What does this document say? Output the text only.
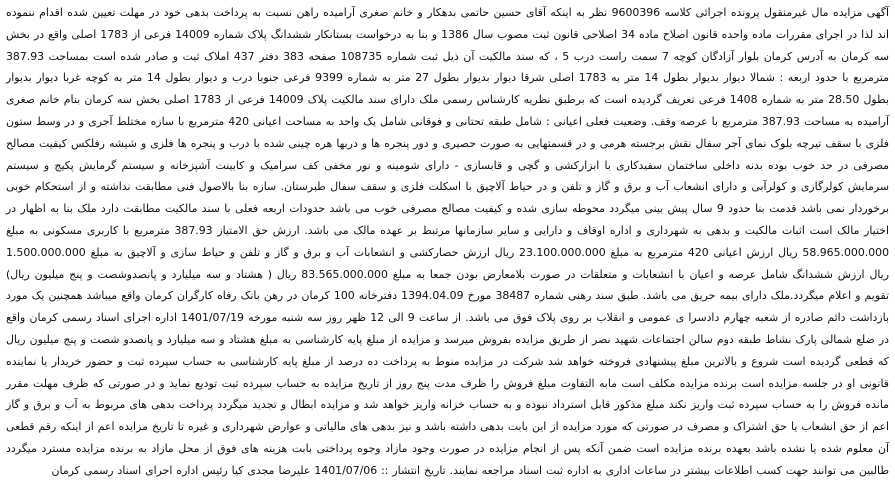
آگهی مزایده مال غیرمنقول پرونده اجرائی کلاسه 9600396 نظر به اینکه آقای حسین حاتمی بدهکار و خانم صغری آرامیده راهن نسبت به پرداخت بدهی خود در مهلت تعیین شده اقدام ننموده اند لذا در اجرای مقررات ماده واحده قانون اصلاح ماده 34 اصلاحی قانون ثبت مصوب سال 1386 و بنا به درخواست بستانکار ششدانگ پلاک شماره 14009 فرعی از 1783 اصلی واقع در بخش سه کرمان به آدرس کرمان بلوار آزادگان کوچه 7 سمت راست درب 5 ، که سند مالکیت آن ذیل ثبت شماره 108735 صفحه 383 دفتر 437 املاک ثبت و صادر شده است بمساحت 387.93 مترمربع با حدود اربعه : شمالا دیوار بدیوار بطول 14 متر به 1783 اصلی شرقا دیوار بدیوار بطول 27 متر به شماره 9399 فرعی جنوبا درب و دیوار بطول 14 متر به کوچه غربا دیوار بدیوار بطول 28.50 متر به شماره 1408 فرعی تعریف گردیده است که برطبق نظریه کارشناس رسمی ملک دارای سند مالکیت پلاک 14009 فرعی از 1783 اصلی بخش سه کرمان بنام خانم صغری آرامیده به مساحت 387.93 مترمربع با عرصه وقف. وضعیت فعلی اعیانی : شامل طبقه تحتانی و فوقانی شامل یک واحد به مساحت اعیانی 420 مترمربع با سازه مختلط آجری و در وسط ستون فلزی با سقف تیرچه بلوک نمای آجر سفال نقش برجسته هرمی و در قسمتهایی به صورت حصیری و دور پنجره ها و دربها هره چینی شده با درب و پنجره ها فلزی و شیشه رفلکس کیفیت مصالح مصرفی در حد خوب بوده بدنه داخلی ساختمان سفیدکاری با ابزارکشی و گچی و قابسازی - دارای شومینه و نور مخفی کف سرامیک و کابینت آشپزخانه و سیستم گرمایش پکیج و سیستم سرمایش کولرگازی و کولرآبی و دارای انشعاب آب و برق و گاز و تلفن و در حیاط آلاچیق با اسکلت فلزی و سقف سفال طبرستان. سازه بنا بالاصول فنی مطابقت نداشته و از استحکام خوبی برخوردار نمی باشد قدمت بنا حدود 9 سال پیش بینی میگردد محوطه سازی شده و کیفیت مصالح مصرفی خوب می باشد حدودات اربعه فعلی با سند مالکیت مطابقت دارد ملک بنا به اظهار در اختیار مالک است اثبات مالکیت و بدهی به شهرداری و اداره اوقاف و دارایی و سایر سازمانها مرتبط بر عهده مالک می باشد. ارزش حق الامتیاز 387.93 مترمربع با کاربری مسکونی به مبلغ 58.965.000.000 ریال ارزش اعیانی 420 مترمربع به مبلغ 23.100.000.000 ریال ارزش حصارکشی و انشعابات آب و برق و گاز و تلفن و حیاط سازی و آلاچیق به مبلغ 1.500.000.000 ریال ارزش ششدانگ شامل عرصه و اعیان با انشعابات و متعلقات در صورت بلامعارض بودن جمعا به مبلغ 83.565.000.000 ریال ( هشتاد و سه میلیارد و پانصدوشصت و پنج میلیون ریال) تقویم و اعلام میگردد.ملک دارای بیمه حریق می باشد. طبق سند رهنی شماره 38487 مورخ 1394.04.09 دفترخانه 100 کرمان در رهن بانک رفاه کارگران کرمان واقع میباشد همچنین یک مورد بازداشت دائم صادره از شعبه چهارم دادسرا ی عمومی و انقلاب بر روی پلاک فوق می باشد. از ساعت 9 الی 12 ظهر روز سه شنبه مورخه 1401/07/19 اداره اجرای اسناد رسمی کرمان واقع در ضلع شمالی پارک نشاط طبقه دوم سالن اجتماعات شهید نصر از طریق مزایده بفروش میرسد و مزایده از مبلغ پایه کارشناسی به مبلغ هشتاد و سه میلیارد و پانصدو شصت و پنج میلیون ریال که قطعی گردیده است شروع و بالاترین مبلغ پیشنهادی فروخته خواهد شد شرکت در مزایده منوط به پرداخت ده درصد از مبلغ پایه کارشناسی به حساب سپرده ثبت و حضور خریدار یا نماینده قانونی او در جلسه مزایده است برنده مزایده مکلف است مابه التفاوت مبلغ فروش را ظرف مدت پنج روز از تاریخ مزایده به حساب سپرده ثبت تودیع نماید و در صورتی که ظرف مهلت مقرر مانده فروش را به حساب سپرده ثبت واریز نکند مبلغ مذکور قابل استرداد نبوده و به حساب خزانه واریز خواهد شد و مزایده ابطال و تجدید میگردد پرداخت بدهی های مربوط به آب و برق و گاز اعم از حق انشعاب یا حق اشتراک و مصرف در صورتی که مورد مزایده از این بابت بدهی داشته باشد و نیز بدهی های مالیاتی و عوارض شهرداری و غیره تا تاریخ مزایده اعم از اینکه رقم قطعی آن معلوم شده یا نشده باشد بعهده برنده مزایده است ضمن آنکه پس از انجام مزایده در صورت وجود مازاد وجوه پرداختی بابت هزینه های فوق از محل مازاد به برنده مزایده مسترد میگردد طالبین می توانند جهت کسب اطلاعات بیشتر در ساعات اداری به اداره ثبت اسناد مراجعه نمایند. تاریخ انتشار :: 1401/07/06 علیرضا مجدی کیا رئیس اداره اجرای اسناد رسمی کرمان
